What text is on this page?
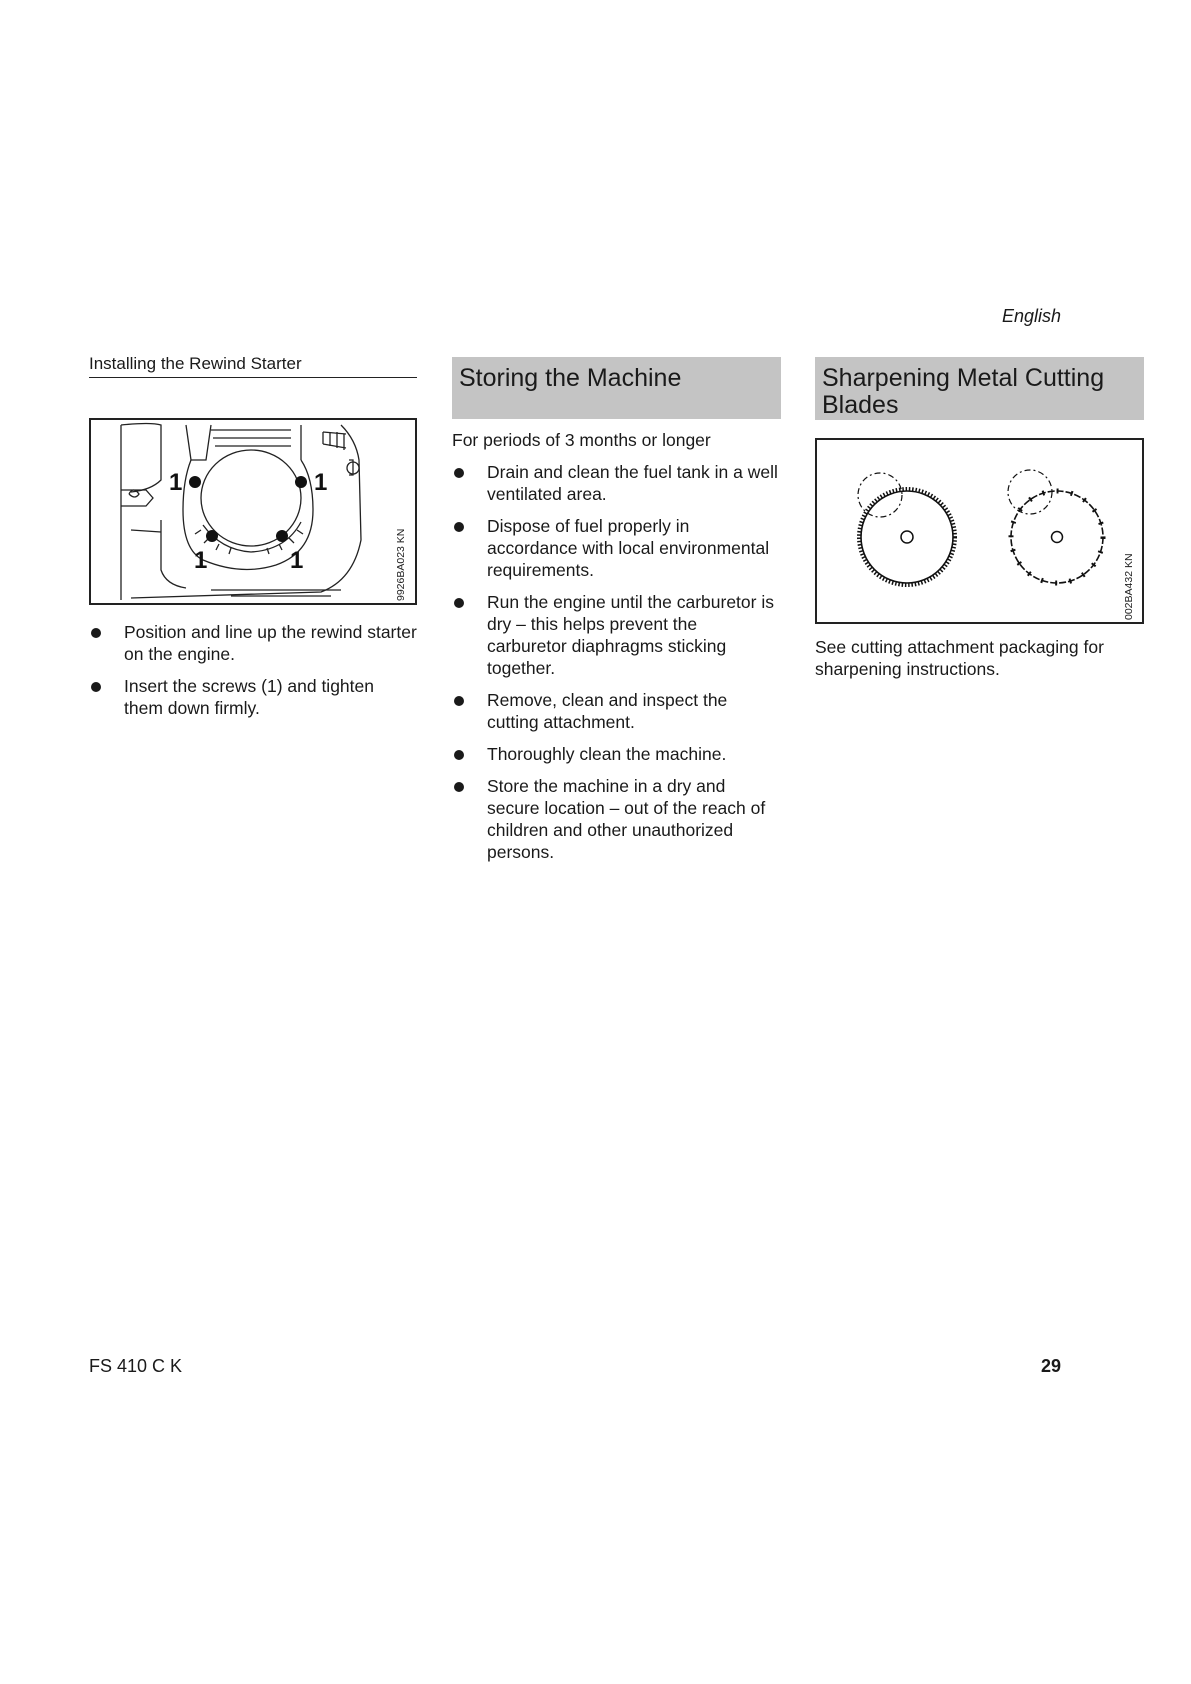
English
Installing the Rewind Starter
1	1
1	1	9926BA023 KN
Position and line up the rewind starter on the engine.
Insert the screws (1) and tighten them down firmly.
Storing the Machine
For periods of 3 months or longer
Drain and clean the fuel tank in a well ventilated area.
Dispose of fuel properly in accordance with local environmental requirements.
Run the engine until the carburetor is dry – this helps prevent the carburetor diaphragms sticking together.
Remove, clean and inspect the cutting attachment.
Thoroughly clean the machine.
Store the machine in a dry and secure location – out of the reach of children and other unauthorized persons.
Sharpening Metal Cutting Blades
002BA432 KN
See cutting attachment packaging for sharpening instructions.
FS 410 C K	29
